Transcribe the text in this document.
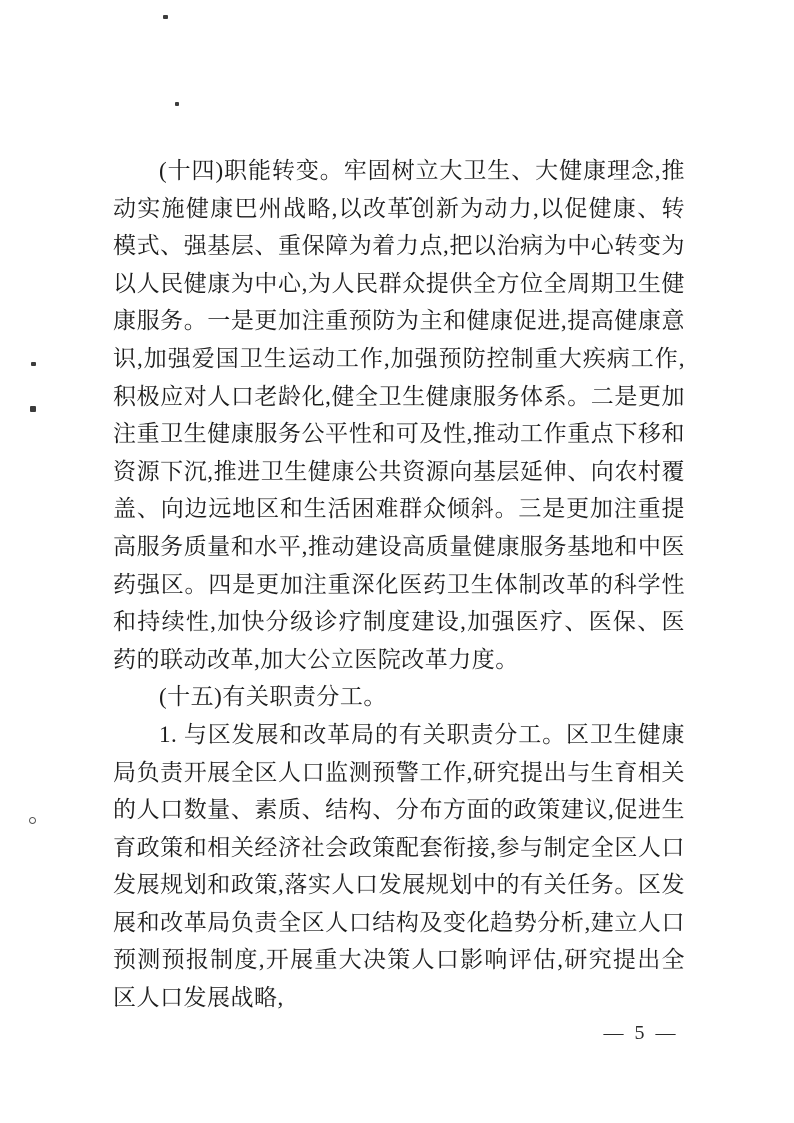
(十四)职能转变。牢固树立大卫生、大健康理念,推动实施健康巴州战略,以改革创新为动力,以促健康、转模式、强基层、重保障为着力点,把以治病为中心转变为以人民健康为中心,为人民群众提供全方位全周期卫生健康服务。一是更加注重预防为主和健康促进,提高健康意识,加强爱国卫生运动工作,加强预防控制重大疾病工作,积极应对人口老龄化,健全卫生健康服务体系。二是更加注重卫生健康服务公平性和可及性,推动工作重点下移和资源下沉,推进卫生健康公共资源向基层延伸、向农村覆盖、向边远地区和生活困难群众倾斜。三是更加注重提高服务质量和水平,推动建设高质量健康服务基地和中医药强区。四是更加注重深化医药卫生体制改革的科学性和持续性,加快分级诊疗制度建设,加强医疗、医保、医药的联动改革,加大公立医院改革力度。

(十五)有关职责分工。

1. 与区发展和改革局的有关职责分工。区卫生健康局负责开展全区人口监测预警工作,研究提出与生育相关的人口数量、素质、结构、分布方面的政策建议,促进生育政策和相关经济社会政策配套衔接,参与制定全区人口发展规划和政策,落实人口发展规划中的有关任务。区发展和改革局负责全区人口结构及变化趋势分析,建立人口预测预报制度,开展重大决策人口影响评估,研究提出全区人口发展战略,

— 5 —
